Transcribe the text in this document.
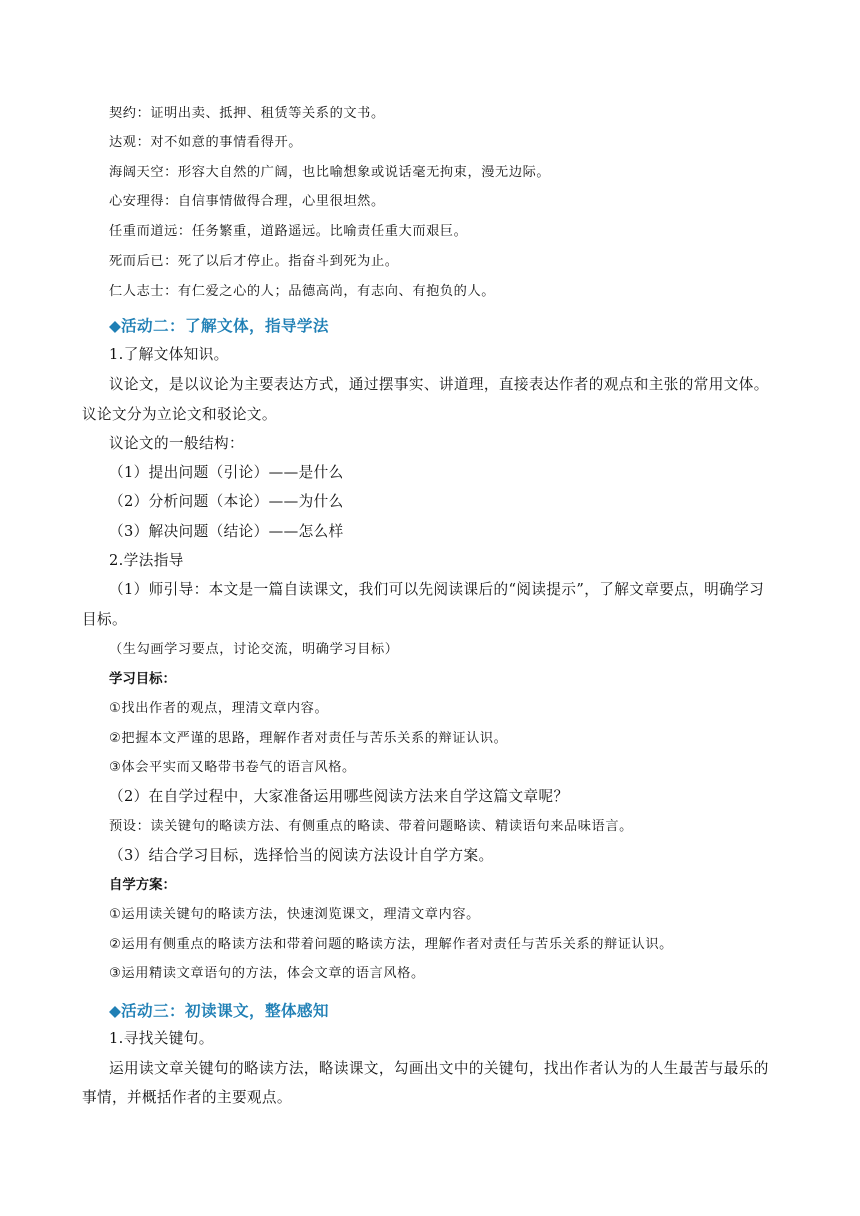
契约：证明出卖、抵押、租赁等关系的文书。
达观：对不如意的事情看得开。
海阔天空：形容大自然的广阔，也比喻想象或说话毫无拘束，漫无边际。
心安理得：自信事情做得合理，心里很坦然。
任重而道远：任务繁重，道路遥远。比喻责任重大而艰巨。
死而后已：死了以后才停止。指奋斗到死为止。
仁人志士：有仁爱之心的人；品德高尚，有志向、有抱负的人。
◆活动二：了解文体，指导学法
1.了解文体知识。
议论文，是以议论为主要表达方式，通过摆事实、讲道理，直接表达作者的观点和主张的常用文体。
议论文分为立论文和驳论文。
议论文的一般结构：
（1）提出问题（引论）——是什么
（2）分析问题（本论）——为什么
（3）解决问题（结论）——怎么样
2.学法指导
（1）师引导：本文是一篇自读课文，我们可以先阅读课后的“阅读提示”，了解文章要点，明确学习
目标。
（生勾画学习要点，讨论交流，明确学习目标）
学习目标：
①找出作者的观点，理清文章内容。
②把握本文严谨的思路，理解作者对责任与苦乐关系的辩证认识。
③体会平实而又略带书卷气的语言风格。
（2）在自学过程中，大家准备运用哪些阅读方法来自学这篇文章呢？
预设：读关键句的略读方法、有侧重点的略读、带着问题略读、精读语句来品味语言。
（3）结合学习目标，选择恰当的阅读方法设计自学方案。
自学方案：
①运用读关键句的略读方法，快速浏览课文，理清文章内容。
②运用有侧重点的略读方法和带着问题的略读方法，理解作者对责任与苦乐关系的辩证认识。
③运用精读文章语句的方法，体会文章的语言风格。
◆活动三：初读课文，整体感知
1.寻找关键句。
运用读文章关键句的略读方法，略读课文，勾画出文中的关键句，找出作者认为的人生最苦与最乐的
事情，并概括作者的主要观点。
